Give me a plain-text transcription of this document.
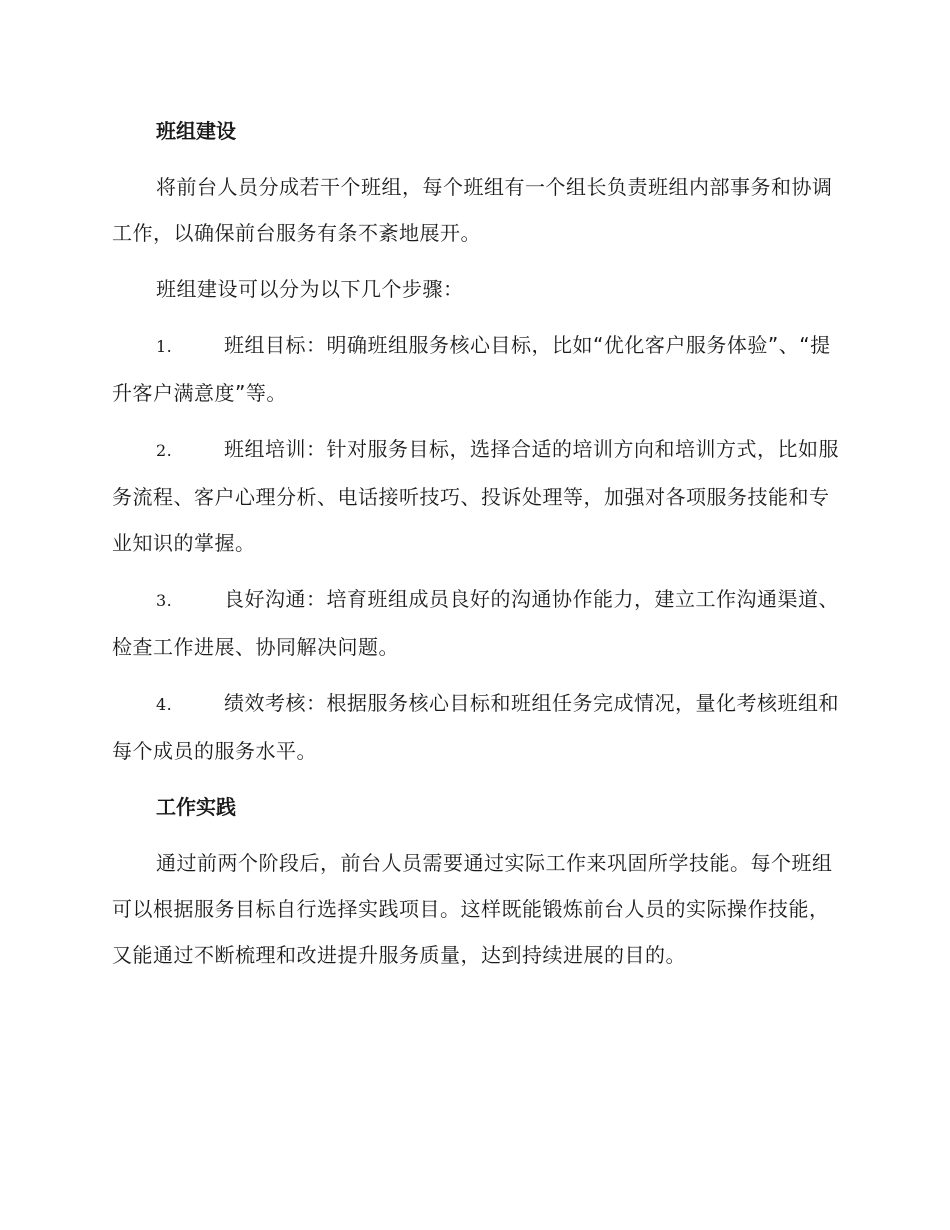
班组建设
将前台人员分成若干个班组，每个班组有一个组长负责班组内部事务和协调工作，以确保前台服务有条不紊地展开。
班组建设可以分为以下几个步骤：
1.	班组目标：明确班组服务核心目标，比如“优化客户服务体验”、“提升客户满意度”等。
2.	班组培训：针对服务目标，选择合适的培训方向和培训方式，比如服务流程、客户心理分析、电话接听技巧、投诉处理等，加强对各项服务技能和专业知识的掌握。
3.	良好沟通：培育班组成员良好的沟通协作能力，建立工作沟通渠道、检查工作进展、协同解决问题。
4.	绩效考核：根据服务核心目标和班组任务完成情况，量化考核班组和每个成员的服务水平。
工作实践
通过前两个阶段后，前台人员需要通过实际工作来巩固所学技能。每个班组可以根据服务目标自行选择实践项目。这样既能锻炼前台人员的实际操作技能，又能通过不断梳理和改进提升服务质量，达到持续进展的目的。
